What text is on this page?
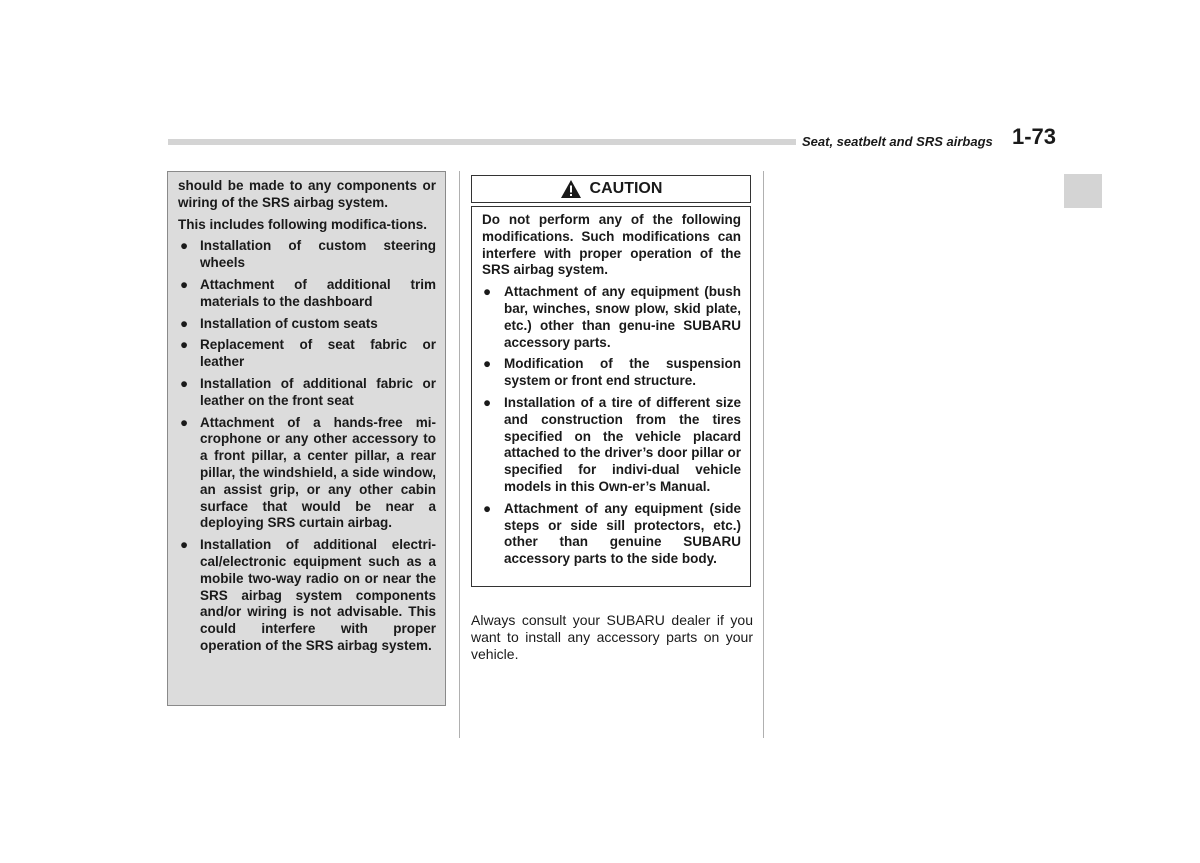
Seat, seatbelt and SRS airbags 1-73

should be made to any components or wiring of the SRS airbag system.

This includes following modifica-tions.

● Installation of custom steering wheels
● Attachment of additional trim materials to the dashboard
● Installation of custom seats
● Replacement of seat fabric or leather
● Installation of additional fabric or leather on the front seat
● Attachment of a hands-free mi-crophone or any other accessory to a front pillar, a center pillar, a rear pillar, the windshield, a side window, an assist grip, or any other cabin surface that would be near a deploying SRS curtain airbag.
● Installation of additional electri-cal/electronic equipment such as a mobile two-way radio on or near the SRS airbag system components and/or wiring is not advisable. This could interfere with proper operation of the SRS airbag system.
CAUTION

Do not perform any of the following modifications. Such modifications can interfere with proper operation of the SRS airbag system.

● Attachment of any equipment (bush bar, winches, snow plow, skid plate, etc.) other than genu-ine SUBARU accessory parts.
● Modification of the suspension system or front end structure.
● Installation of a tire of different size and construction from the tires specified on the vehicle placard attached to the driver’s door pillar or specified for indivi-dual vehicle models in this Own-er’s Manual.
● Attachment of any equipment (side steps or side sill protectors, etc.) other than genuine SUBARU accessory parts to the side body.

Always consult your SUBARU dealer if you want to install any accessory parts on your vehicle.
